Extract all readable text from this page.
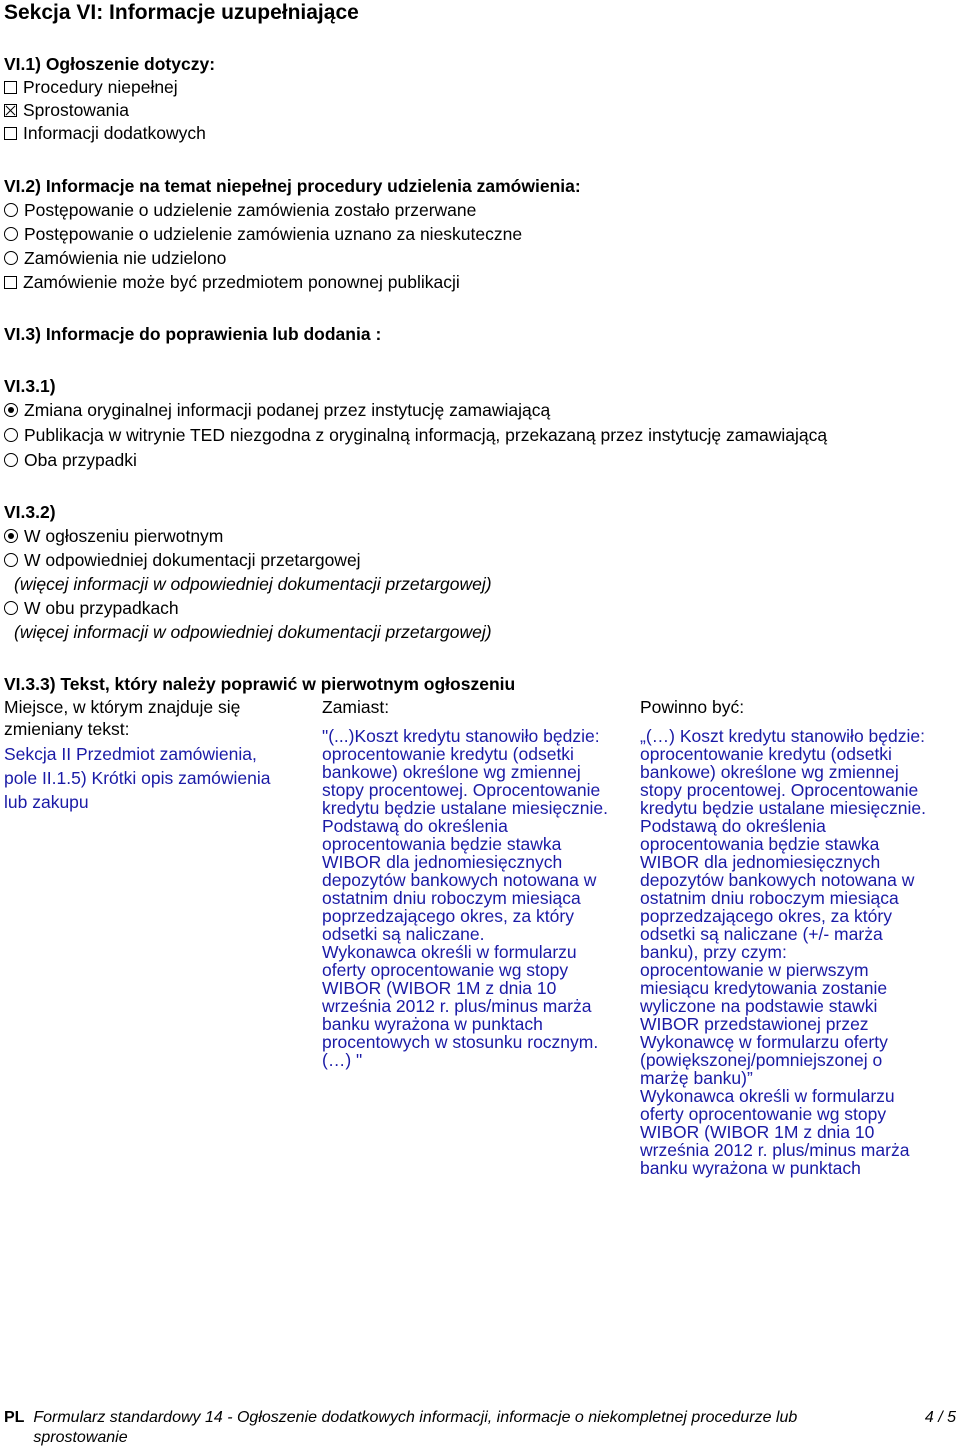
Sekcja VI: Informacje uzupełniające
VI.1) Ogłoszenie dotyczy:
Procedury niepełnej
Sprostowania
Informacji dodatkowych
VI.2) Informacje na temat niepełnej procedury udzielenia zamówienia:
Postępowanie o udzielenie zamówienia zostało przerwane
Postępowanie o udzielenie zamówienia uznano za nieskuteczne
Zamówienia nie udzielono
Zamówienie może być przedmiotem ponownej publikacji
VI.3) Informacje do poprawienia lub dodania :
VI.3.1)
Zmiana oryginalnej informacji podanej przez instytucję zamawiającą
Publikacja w witrynie TED niezgodna z oryginalną informacją, przekazaną przez instytucję zamawiającą
Oba przypadki
VI.3.2)
W ogłoszeniu pierwotnym
W odpowiedniej dokumentacji przetargowej
(więcej informacji w odpowiedniej dokumentacji przetargowej)
W obu przypadkach
(więcej informacji w odpowiedniej dokumentacji przetargowej)
VI.3.3) Tekst, który należy poprawić w pierwotnym ogłoszeniu
Miejsce, w którym znajduje się zmieniany tekst:
Sekcja II Przedmiot zamówienia,
pole II.1.5) Krótki opis zamówienia
lub zakupu
Zamiast:
"(...)Koszt kredytu stanowiło będzie:
oprocentowanie kredytu (odsetki
bankowe) określone wg zmiennej
stopy procentowej. Oprocentowanie
kredytu będzie ustalane miesięcznie.
Podstawą do określenia
oprocentowania będzie stawka
WIBOR dla jednomiesięcznych
depozytów bankowych notowana w
ostatnim dniu roboczym miesiąca
poprzedzającego okres, za który
odsetki są naliczane.
Wykonawca określi w formularzu
oferty oprocentowanie wg stopy
WIBOR (WIBOR 1M z dnia 10
września 2012 r. plus/minus marża
banku wyrażona w punktach
procentowych w stosunku rocznym.
(…) "
Powinno być:
„(…) Koszt kredytu stanowiło będzie:
oprocentowanie kredytu (odsetki
bankowe) określone wg zmiennej
stopy procentowej. Oprocentowanie
kredytu będzie ustalane miesięcznie.
Podstawą do określenia
oprocentowania będzie stawka
WIBOR dla jednomiesięcznych
depozytów bankowych notowana w
ostatnim dniu roboczym miesiąca
poprzedzającego okres, za który
odsetki są naliczane (+/- marża
banku), przy czym:
oprocentowanie w pierwszym
miesiącu kredytowania zostanie
wyliczone na podstawie stawki
WIBOR przedstawionej przez
Wykonawcę w formularzu oferty
(powiększonej/pomniejszonej o
marżę banku)”
Wykonawca określi w formularzu
oferty oprocentowanie wg stopy
WIBOR (WIBOR 1M z dnia 10
września 2012 r. plus/minus marża
banku wyrażona w punktach
PL Formularz standardowy 14 - Ogłoszenie dodatkowych informacji, informacje o niekompletnej procedurze lub sprostowanie
4 / 5
